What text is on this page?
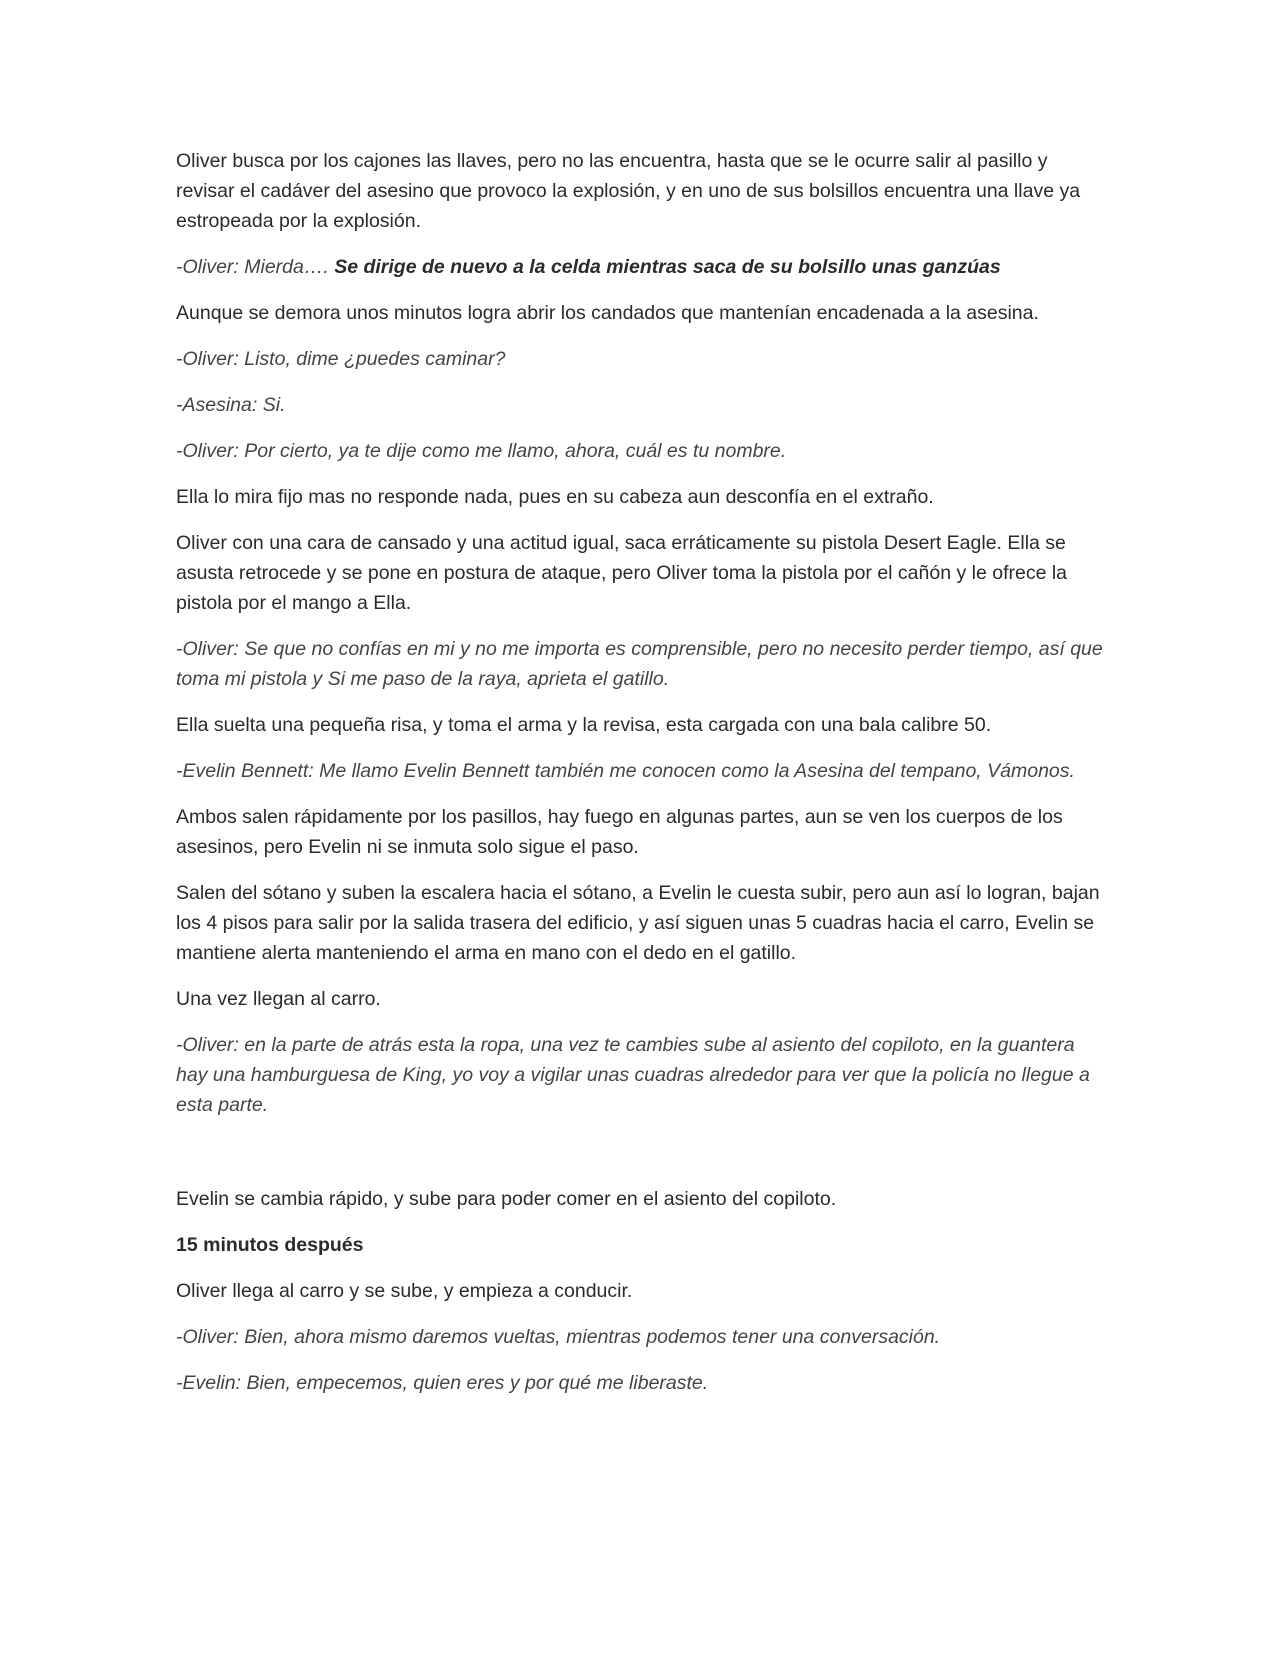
Oliver busca por los cajones las llaves, pero no las encuentra, hasta que se le ocurre salir al pasillo y revisar el cadáver del asesino que provoco la explosión, y en uno de sus bolsillos encuentra una llave ya estropeada por la explosión.

-Oliver: Mierda…. Se dirige de nuevo a la celda mientras saca de su bolsillo unas ganzúas

Aunque se demora unos minutos logra abrir los candados que mantenían encadenada a la asesina.

-Oliver: Listo, dime ¿puedes caminar?

-Asesina: Si.

-Oliver: Por cierto, ya te dije como me llamo, ahora, cuál es tu nombre.

Ella lo mira fijo mas no responde nada, pues en su cabeza aun desconfía en el extraño.

Oliver con una cara de cansado y una actitud igual, saca erráticamente su pistola Desert Eagle. Ella se asusta retrocede y se pone en postura de ataque, pero Oliver toma la pistola por el cañón y le ofrece la pistola por el mango a Ella.

-Oliver: Se que no confías en mi y no me importa es comprensible, pero no necesito perder tiempo, así que toma mi pistola y Si me paso de la raya, aprieta el gatillo.

Ella suelta una pequeña risa, y toma el arma y la revisa, esta cargada con una bala calibre 50.

-Evelin Bennett: Me llamo Evelin Bennett también me conocen como la Asesina del tempano, Vámonos.

Ambos salen rápidamente por los pasillos, hay fuego en algunas partes, aun se ven los cuerpos de los asesinos, pero Evelin ni se inmuta solo sigue el paso.

Salen del sótano y suben la escalera hacia el sótano, a Evelin le cuesta subir, pero aun así lo logran, bajan los 4 pisos para salir por la salida trasera del edificio, y así siguen unas 5 cuadras hacia el carro, Evelin se mantiene alerta manteniendo el arma en mano con el dedo en el gatillo.

Una vez llegan al carro.

-Oliver: en la parte de atrás esta la ropa, una vez te cambies sube al asiento del copiloto, en la guantera hay una hamburguesa de King, yo voy a vigilar unas cuadras alrededor para ver que la policía no llegue a esta parte.

Evelin se cambia rápido, y sube para poder comer en el asiento del copiloto.

15 minutos después

Oliver llega al carro y se sube, y empieza a conducir.

-Oliver: Bien, ahora mismo daremos vueltas, mientras podemos tener una conversación.

-Evelin: Bien, empecemos, quien eres y por qué me liberaste.
